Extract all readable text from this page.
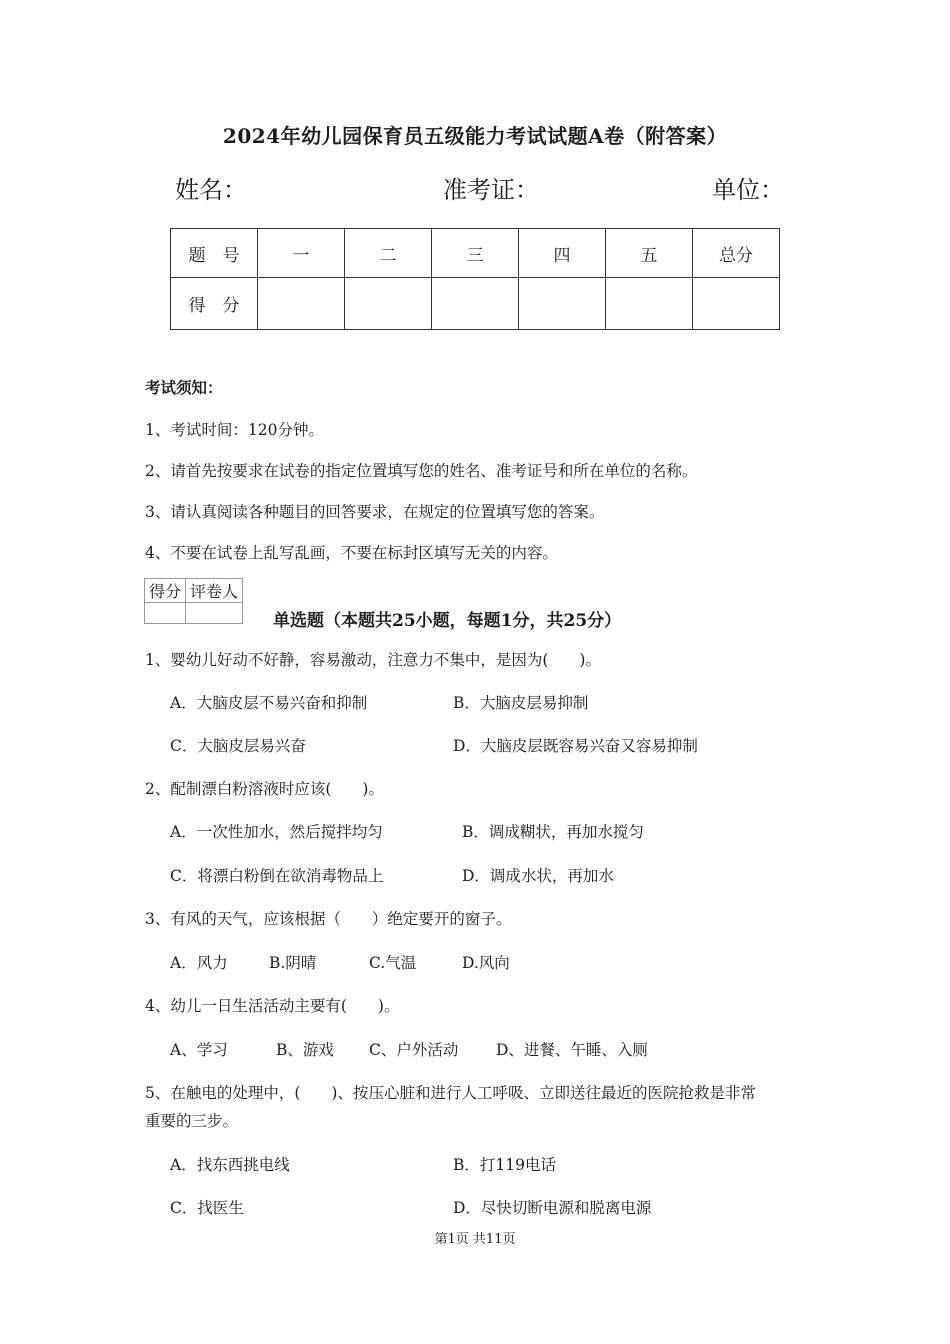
2024年幼儿园保育员五级能力考试试题A卷（附答案）
姓名：	准考证：	单位：
题　号	一	二	三	四	五	总分
得　分						
考试须知：
1、考试时间：120分钟。
2、请首先按要求在试卷的指定位置填写您的姓名、准考证号和所在单位的名称。
3、请认真阅读各种题目的回答要求，在规定的位置填写您的答案。
4、不要在试卷上乱写乱画，不要在标封区填写无关的内容。
得分	评卷人

单选题（本题共25小题，每题1分，共25分）
1、婴幼儿好动不好静，容易激动，注意力不集中，是因为(　　)。
A．大脑皮层不易兴奋和抑制	B．大脑皮层易抑制
C．大脑皮层易兴奋	D．大脑皮层既容易兴奋又容易抑制
2、配制漂白粉溶液时应该(　　)。
A．一次性加水，然后搅拌均匀	B．调成糊状，再加水搅匀
C．将漂白粉倒在欲消毒物品上	D．调成水状，再加水
3、有风的天气，应该根据（　　）绝定要开的窗子。
A．风力	B.阴晴	C.气温	D.风向
4、幼儿一日生活活动主要有(　　)。
A、学习	B、游戏 C、户外活动 D、进餐、午睡、入厕
5、在触电的处理中，(　　)、按压心脏和进行人工呼吸、立即送往最近的医院抢救是非常
重要的三步。
A．找东西挑电线	B．打119电话
C．找医生	D．尽快切断电源和脱离电源
第1页 共11页
